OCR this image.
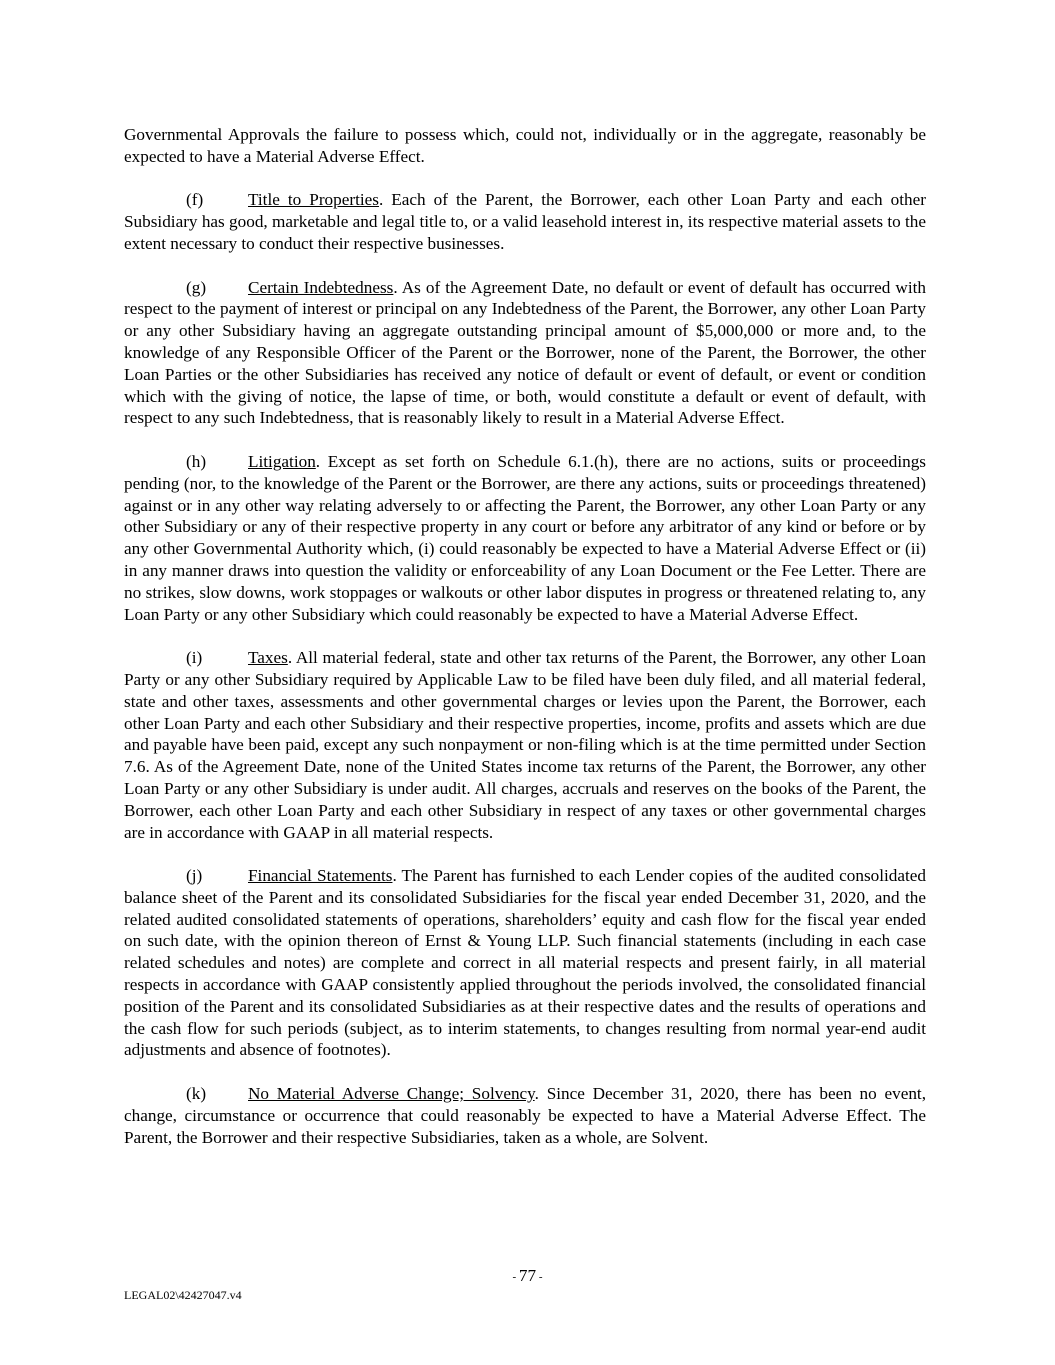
Governmental Approvals the failure to possess which, could not, individually or in the aggregate, reasonably be expected to have a Material Adverse Effect.

(f)	Title to Properties. Each of the Parent, the Borrower, each other Loan Party and each other Subsidiary has good, marketable and legal title to, or a valid leasehold interest in, its respective material assets to the extent necessary to conduct their respective businesses.

(g) Certain Indebtedness. As of the Agreement Date, no default or event of default has occurred with respect to the payment of interest or principal on any Indebtedness of the Parent, the Borrower, any other Loan Party or any other Subsidiary having an aggregate outstanding principal amount of $5,000,000 or more and, to the knowledge of any Responsible Officer of the Parent or the Borrower, none of the Parent, the Borrower, the other Loan Parties or the other Subsidiaries has received any notice of default or event of default, or event or condition which with the giving of notice, the lapse of time, or both, would constitute a default or event of default, with respect to any such Indebtedness, that is reasonably likely to result in a Material Adverse Effect.

(h) Litigation. Except as set forth on Schedule 6.1.(h), there are no actions, suits or proceedings pending (nor, to the knowledge of the Parent or the Borrower, are there any actions, suits or proceedings threatened) against or in any other way relating adversely to or affecting the Parent, the Borrower, any other Loan Party or any other Subsidiary or any of their respective property in any court or before any arbitrator of any kind or before or by any other Governmental Authority which, (i) could reasonably be expected to have a Material Adverse Effect or (ii) in any manner draws into question the validity or enforceability of any Loan Document or the Fee Letter. There are no strikes, slow downs, work stoppages or walkouts or other labor disputes in progress or threatened relating to, any Loan Party or any other Subsidiary which could reasonably be expected to have a Material Adverse Effect.

(i)	Taxes. All material federal, state and other tax returns of the Parent, the Borrower, any other Loan Party or any other Subsidiary required by Applicable Law to be filed have been duly filed, and all material federal, state and other taxes, assessments and other governmental charges or levies upon the Parent, the Borrower, each other Loan Party and each other Subsidiary and their respective properties, income, profits and assets which are due and payable have been paid, except any such nonpayment or non-filing which is at the time permitted under Section 7.6. As of the Agreement Date, none of the United States income tax returns of the Parent, the Borrower, any other Loan Party or any other Subsidiary is under audit. All charges, accruals and reserves on the books of the Parent, the Borrower, each other Loan Party and each other Subsidiary in respect of any taxes or other governmental charges are in accordance with GAAP in all material respects.

(j)	Financial Statements. The Parent has furnished to each Lender copies of the audited consolidated balance sheet of the Parent and its consolidated Subsidiaries for the fiscal year ended December 31, 2020, and the related audited consolidated statements of operations, shareholders’ equity and cash flow for the fiscal year ended on such date, with the opinion thereon of Ernst & Young LLP. Such financial statements (including in each case related schedules and notes) are complete and correct in all material respects and present fairly, in all material respects in accordance with GAAP consistently applied throughout the periods involved, the consolidated financial position of the Parent and its consolidated Subsidiaries as at their respective dates and the results of operations and the cash flow for such periods (subject, as to interim statements, to changes resulting from normal year-end audit adjustments and absence of footnotes).

(k) No Material Adverse Change; Solvency. Since December 31, 2020, there has been no event, change, circumstance or occurrence that could reasonably be expected to have a Material Adverse Effect. The Parent, the Borrower and their respective Subsidiaries, taken as a whole, are Solvent.

- 77 -
LEGAL02\42427047.v4
